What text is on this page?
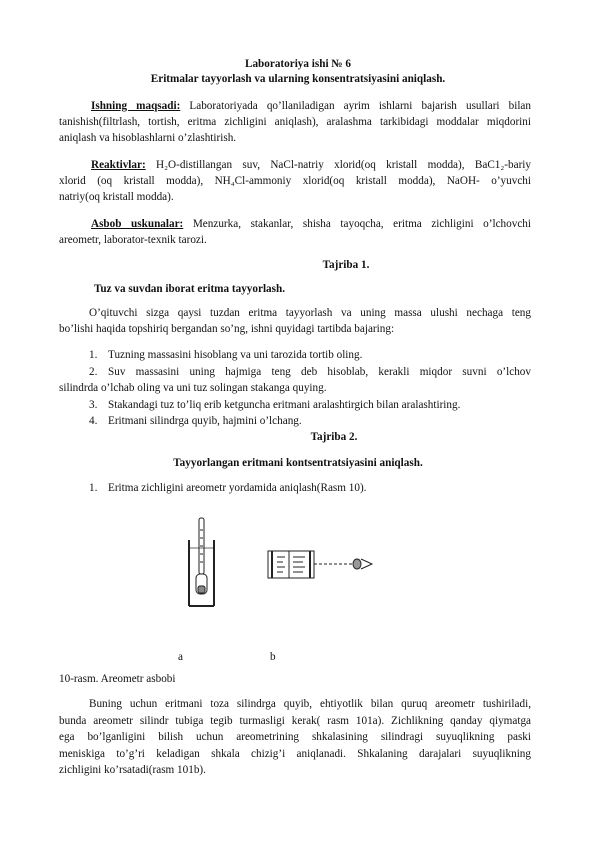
Laboratoriya ishi № 6
Eritmalar tayyorlash va ularning konsentratsiyasini aniqlash.
Ishning maqsadi: Laboratoriyada qo’llaniladigan ayrim ishlarni bajarish usullari bilan
tanishish(filtrlash, tortish, eritma zichligini aniqlash), aralashma tarkibidagi moddalar miqdorini
aniqlash va hisoblashlarni o’zlashtirish.
Reaktivlar: H₂O-distillangan suv, NaCl-natriy xlorid(oq kristall modda), BaC1₂-bariy
xlorid (oq kristall modda), NH₄Cl-ammoniy xlorid(oq kristall modda), NaOH- o’yuvchi
natriy(oq kristall modda).
Asbob uskunalar: Menzurka, stakanlar, shisha tayoqcha, eritma zichligini o’lchovchi
areometr, laborator-texnik tarozi.
Tajriba 1.
Tuz va suvdan iborat eritma tayyorlash.
O’qituvchi sizga qaysi tuzdan eritma tayyorlash va uning massa ulushi nechaga teng
bo’lishi haqida topshiriq bergandan so’ng, ishni quyidagi tartibda bajaring:
1. Tuzning massasini hisoblang va uni tarozida tortib oling.
2. Suv massasini uning hajmiga teng deb hisoblab, kerakli miqdor suvni o’lchov
silindrda o’lchab oling va uni tuz solingan stakanga quying.
3. Stakandagi tuz to’liq erib ketguncha eritmani aralashtirgich bilan aralashtiring.
4. Eritmani silindrga quyib, hajmini o’lchang.
Tajriba 2.
Tayyorlangan eritmani kontsentratsiyasini aniqlash.
1. Eritma zichligini areometr yordamida aniqlash(Rasm 10).
a	b
10-rasm. Areometr asbobi
Buning uchun eritmani toza silindrga quyib, ehtiyotlik bilan quruq areometr tushiriladi,
bunda areometr silindr tubiga tegib turmasligi kerak( rasm 101a). Zichlikning qanday qiymatga
ega bo’lganligini bilish uchun areometrining shkalasining silindragi suyuqlikning paski
meniskiga to’g’ri keladigan shkala chizig’i aniqlanadi. Shkalaning darajalari suyuqlikning
zichligini ko’rsatadi(rasm 101b).
